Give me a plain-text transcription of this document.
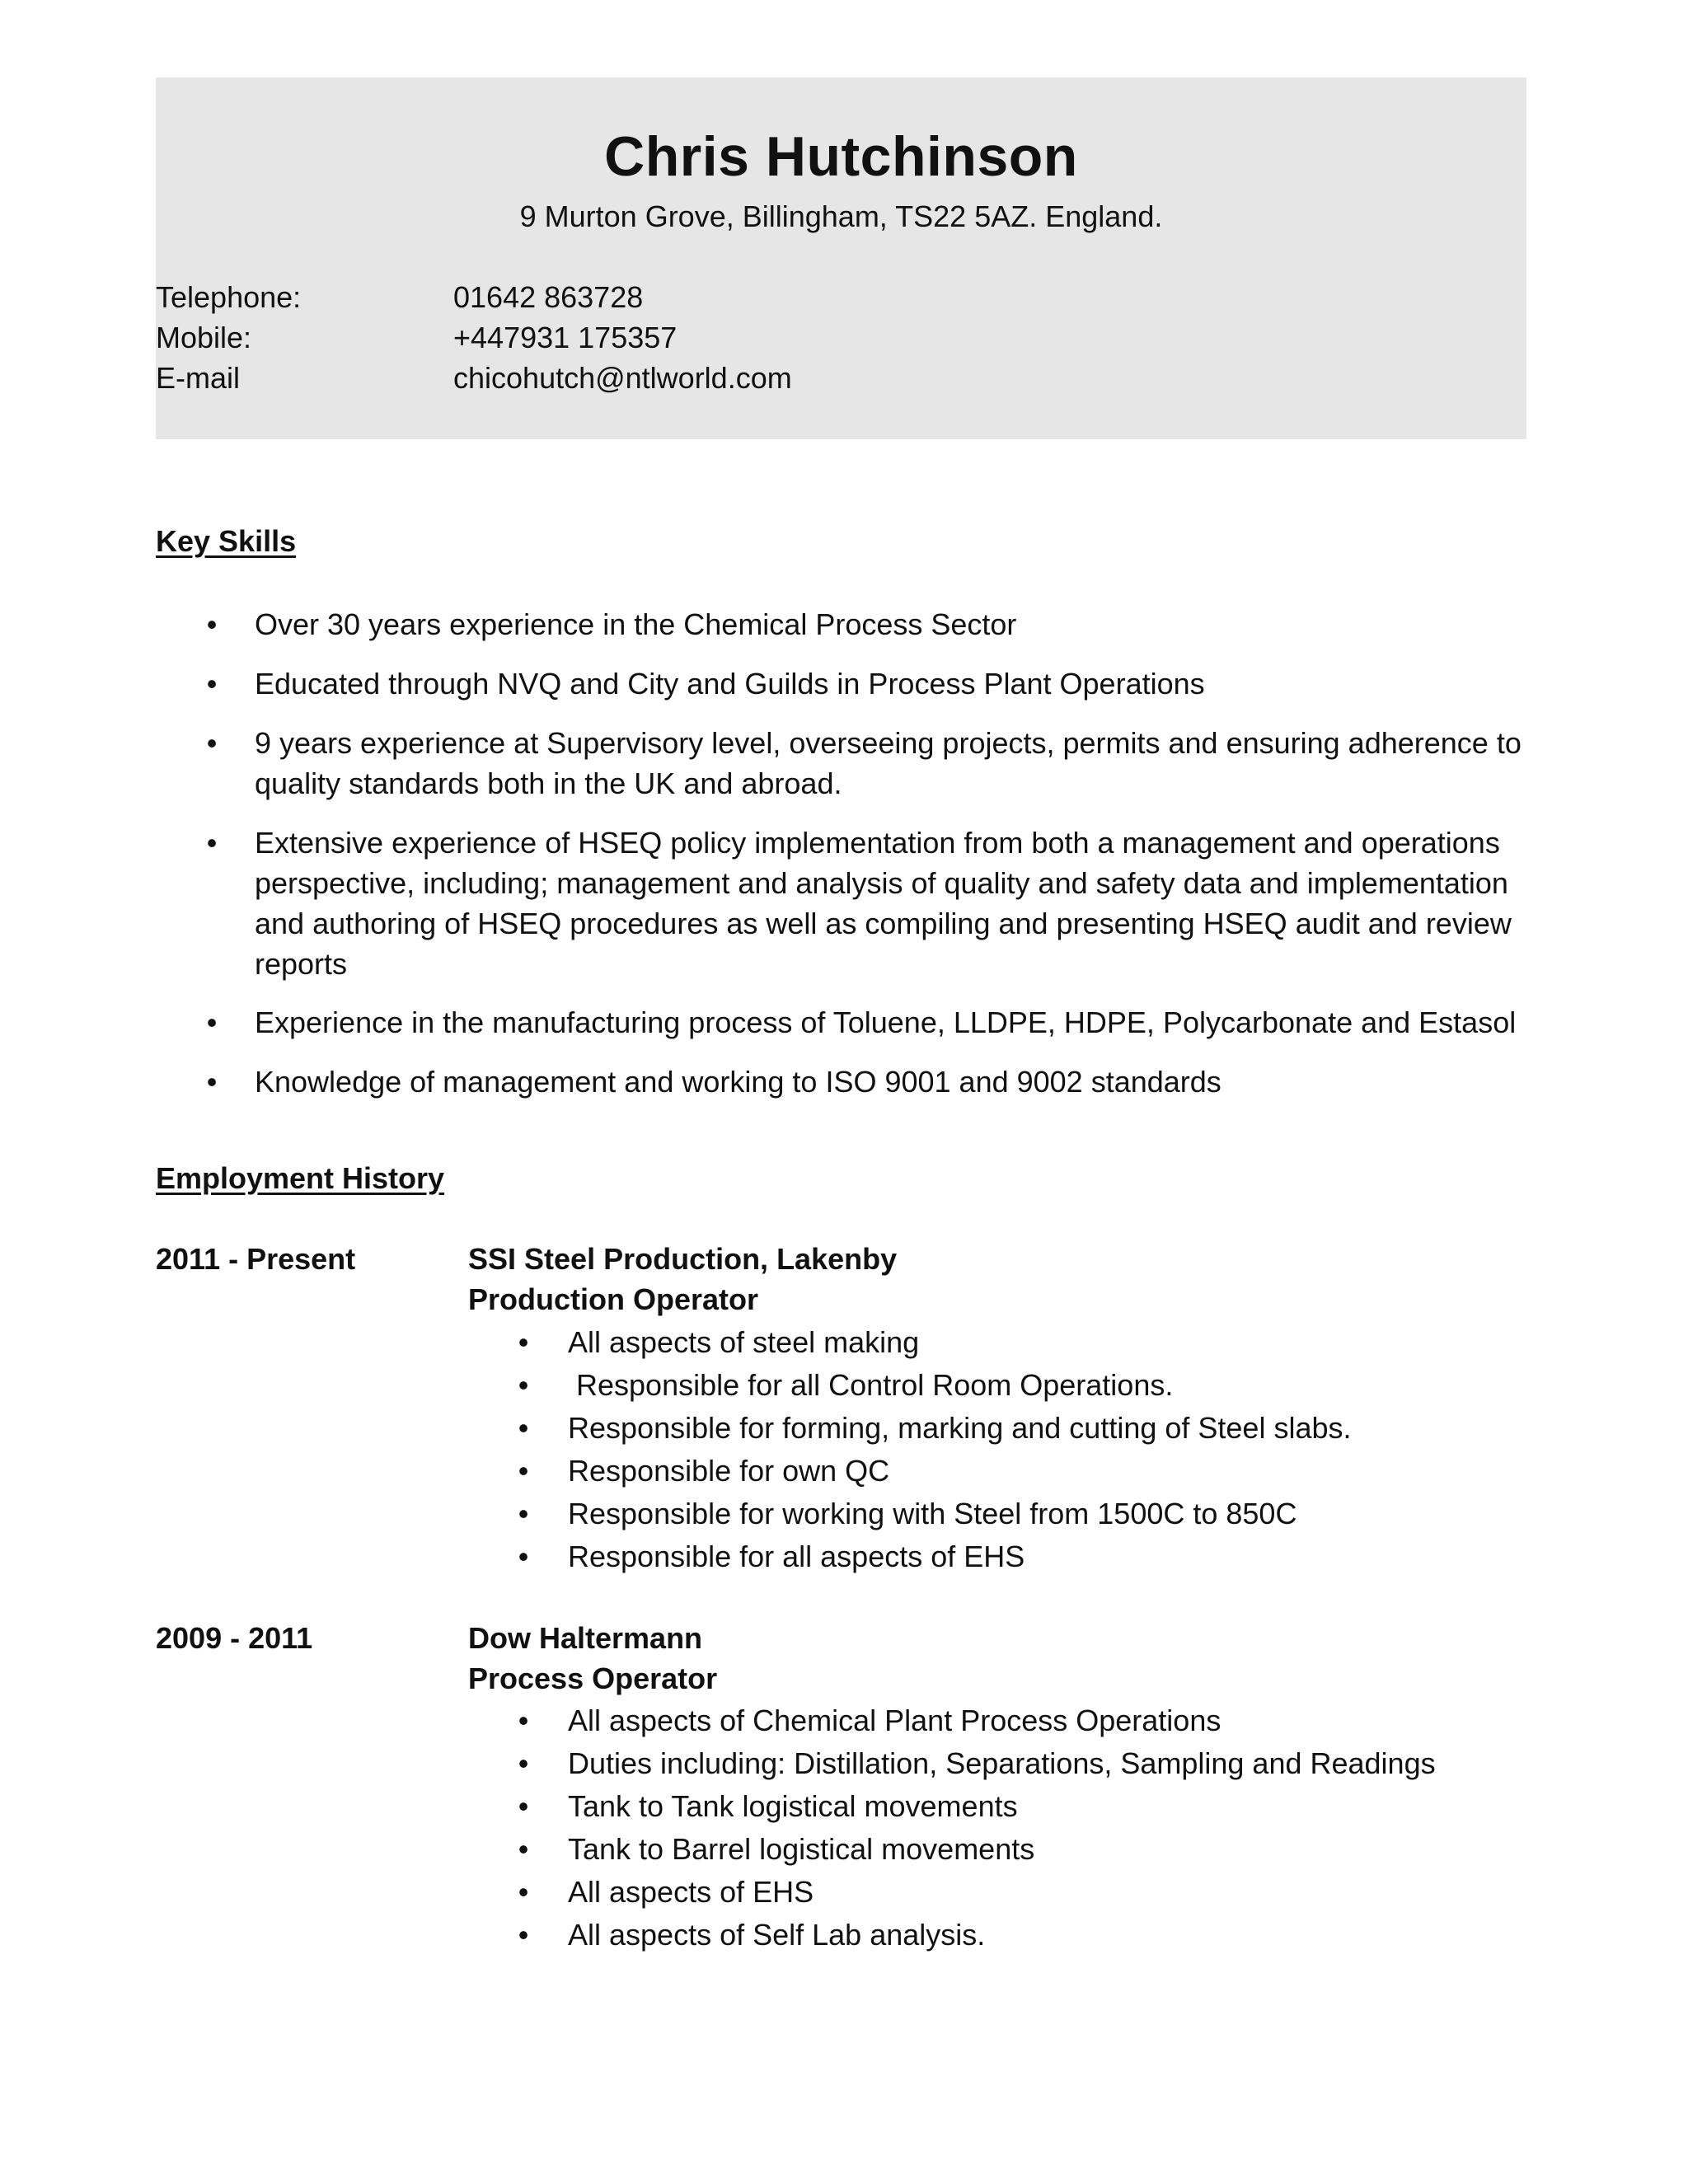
Chris Hutchinson
9 Murton Grove, Billingham, TS22 5AZ. England.
Telephone:	01642 863728
Mobile:	+447931 175357
E-mail	chicohutch@ntlworld.com
Key Skills
• Over 30 years experience in the Chemical Process Sector
• Educated through NVQ and City and Guilds in Process Plant Operations
• 9 years experience at Supervisory level, overseeing projects, permits and ensuring adherence to quality standards both in the UK and abroad.
• Extensive experience of HSEQ policy implementation from both a management and operations perspective, including; management and analysis of quality and safety data and implementation and authoring of HSEQ procedures as well as compiling and presenting HSEQ audit and review reports
• Experience in the manufacturing process of Toluene, LLDPE, HDPE, Polycarbonate and Estasol
• Knowledge of management and working to ISO 9001 and 9002 standards
Employment History
2011 - Present	SSI Steel Production, Lakenby
Production Operator
• All aspects of steel making
• Responsible for all Control Room Operations.
• Responsible for forming, marking and cutting of Steel slabs.
• Responsible for own QC
• Responsible for working with Steel from 1500C to 850C
• Responsible for all aspects of EHS
2009 - 2011	Dow Haltermann
Process Operator
• All aspects of Chemical Plant Process Operations
• Duties including: Distillation, Separations, Sampling and Readings
• Tank to Tank logistical movements
• Tank to Barrel logistical movements
• All aspects of EHS
• All aspects of Self Lab analysis.
